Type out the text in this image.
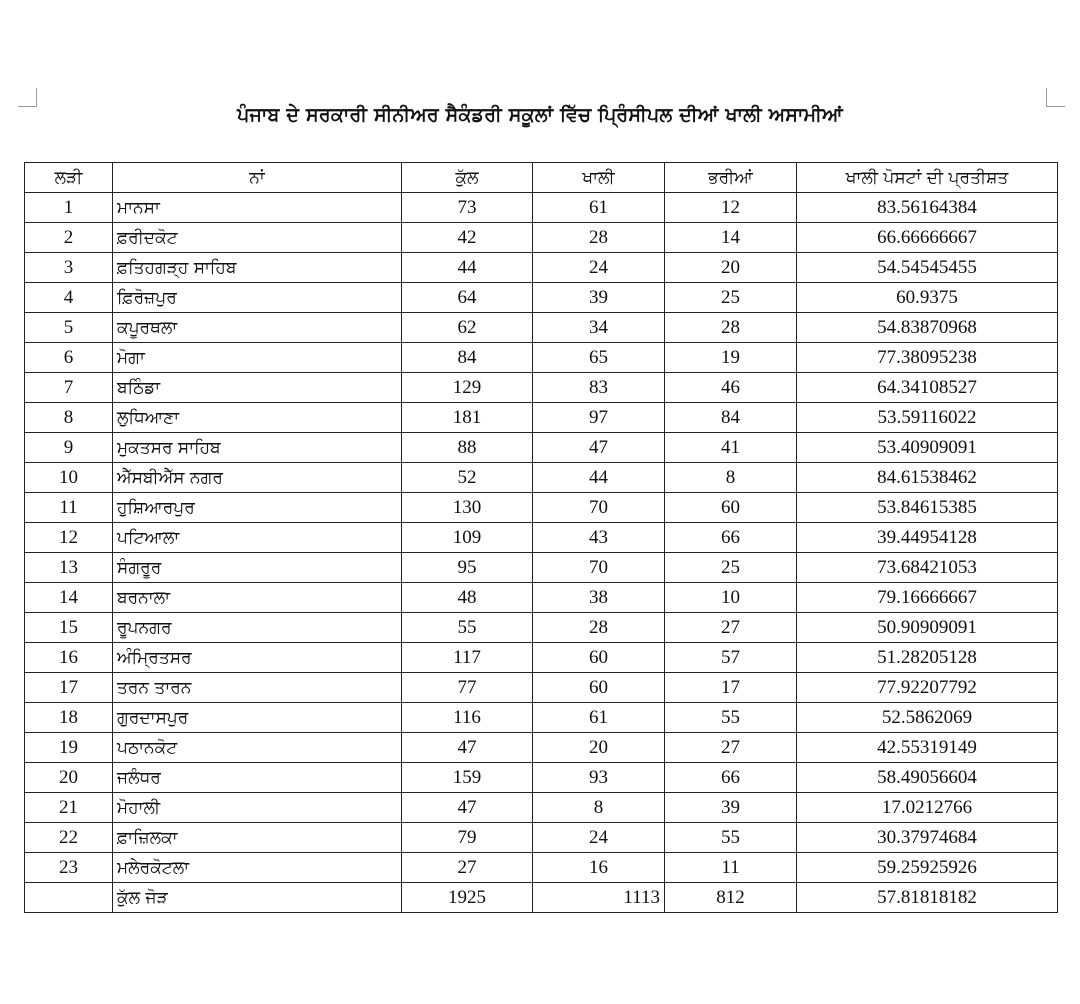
ਪੰਜਾਬ ਦੇ ਸਰਕਾਰੀ ਸੀਨੀਅਰ ਸੈਕੰਡਰੀ ਸਕੂਲਾਂ ਵਿੱਚ ਪ੍ਰਿੰਸੀਪਲ ਦੀਆਂ ਖਾਲੀ ਅਸਾਮੀਆਂ
ਲੜੀ	ਨਾਂ	ਕੁੱਲ	ਖਾਲੀ	ਭਰੀਆਂ	ਖਾਲੀ ਪੋਸਟਾਂ ਦੀ ਪ੍ਰਤੀਸ਼ਤ
1	ਮਾਨਸਾ	73	61	12	83.56164384
2	ਫ਼ਰੀਦਕੋਟ	42	28	14	66.66666667
3	ਫ਼ਤਿਹਗੜ੍ਹ ਸਾਹਿਬ	44	24	20	54.54545455
4	ਫ਼ਿਰੋਜ਼ਪੁਰ	64	39	25	60.9375
5	ਕਪੂਰਥਲਾ	62	34	28	54.83870968
6	ਮੋਗਾ	84	65	19	77.38095238
7	ਬਠਿੰਡਾ	129	83	46	64.34108527
8	ਲੁਧਿਆਣਾ	181	97	84	53.59116022
9	ਮੁਕਤਸਰ ਸਾਹਿਬ	88	47	41	53.40909091
10	ਐੱਸਬੀਐੱਸ ਨਗਰ	52	44	8	84.61538462
11	ਹੁਸ਼ਿਆਰਪੁਰ	130	70	60	53.84615385
12	ਪਟਿਆਲਾ	109	43	66	39.44954128
13	ਸੰਗਰੂਰ	95	70	25	73.68421053
14	ਬਰਨਾਲਾ	48	38	10	79.16666667
15	ਰੂਪਨਗਰ	55	28	27	50.90909091
16	ਅੰਮ੍ਰਿਤਸਰ	117	60	57	51.28205128
17	ਤਰਨ ਤਾਰਨ	77	60	17	77.92207792
18	ਗੁਰਦਾਸਪੁਰ	116	61	55	52.5862069
19	ਪਠਾਨਕੋਟ	47	20	27	42.55319149
20	ਜਲੰਧਰ	159	93	66	58.49056604
21	ਮੋਹਾਲੀ	47	8	39	17.0212766
22	ਫ਼ਾਜ਼ਿਲਕਾ	79	24	55	30.37974684
23	ਮਲੇਰਕੋਟਲਾ	27	16	11	59.25925926
	ਕੁੱਲ ਜੋੜ	1925	1113	812	57.81818182
